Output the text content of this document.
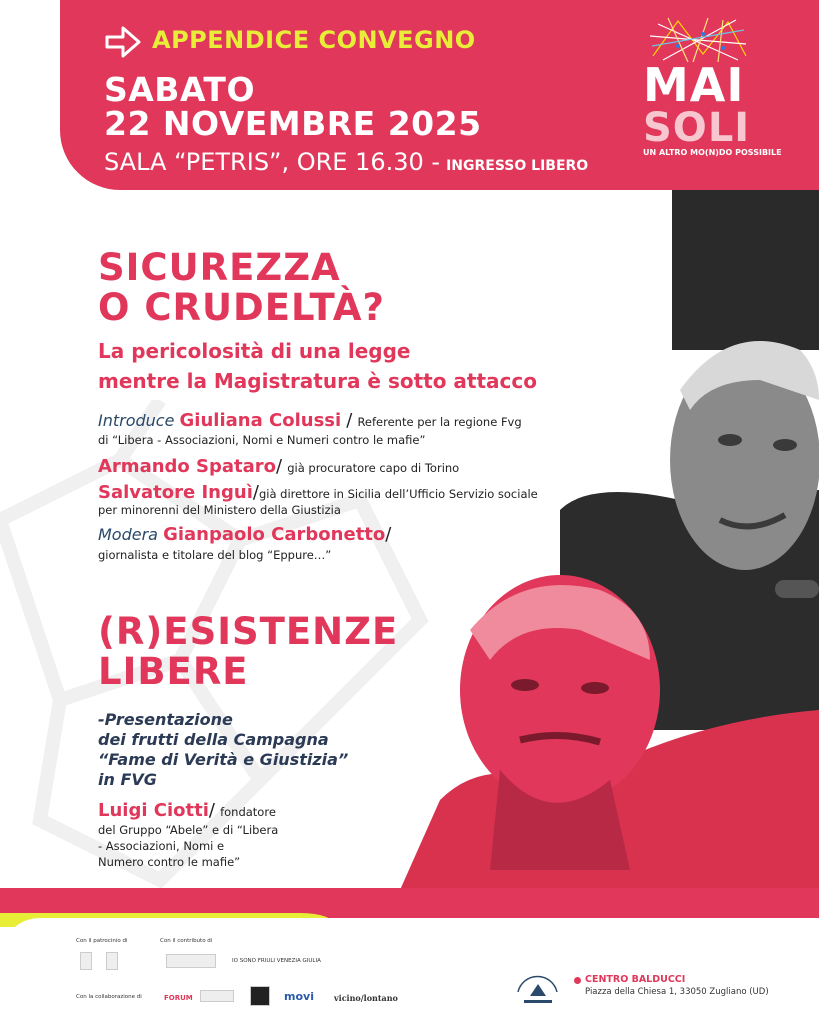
APPENDICE CONVEGNO
SABATO
22 NOVEMBRE 2025
SALA “PETRIS”, ORE 16.30 - INGRESSO LIBERO
MAI
SOLI
UN ALTRO MO(N)DO POSSIBILE
SICUREZZA
O CRUDELTÀ?
La pericolosità di una legge
mentre la Magistratura è sotto attacco
Introduce Giuliana Colussi / Referente per la regione Fvg
di “Libera - Associazioni, Nomi e Numeri contro le mafie”
Armando Spataro/ già procuratore capo di Torino
Salvatore Inguì/già direttore in Sicilia dell’Ufficio Servizio sociale
per minorenni del Ministero della Giustizia
Modera Gianpaolo Carbonetto/
giornalista e titolare del blog “Eppure…”
(R)ESISTENZE
LIBERE
-Presentazione
dei frutti della Campagna
“Fame di Verità e Giustizia”
in FVG
Luigi Ciotti/ fondatore
del Gruppo “Abele” e di “Libera
- Associazioni, Nomi e
Numero contro le mafie”
Con il patrocinio di	Con il contributo di
Con la collaborazione di
IO SONO FRIULI VENEZIA GIULIA
FORUM	movi	vicino/lontano
CENTRO BALDUCCI
Piazza della Chiesa 1, 33050 Zugliano (UD)
